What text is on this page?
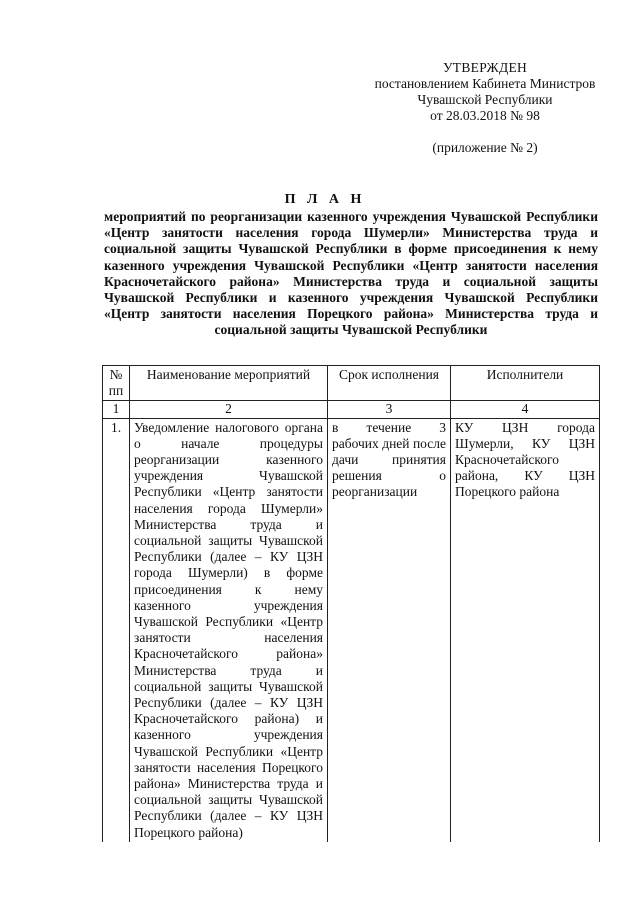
УТВЕРЖДЕН
постановлением Кабинета Министров
Чувашской Республики
от 28.03.2018 № 98
(приложение № 2)
П Л А Н
мероприятий по реорганизации казенного учреждения Чувашской Республики «Центр занятости населения города Шумерли» Министерства труда и социальной защиты Чувашской Республики в форме присоединения к нему казенного учреждения Чувашской Республики «Центр занятости населения Красночетайского района» Министерства труда и социальной защиты Чувашской Республики и казенного учреждения Чувашской Республики «Центр занятости населения Порецкого района» Министерства труда и социальной защиты Чувашской Республики
№ пп	Наименование мероприятий	Срок исполнения	Исполнители
1	2	3	4
1.	Уведомление налогового органа о начале процедуры реорганизации казенного учреждения Чувашской Республики «Центр занятости населения города Шумерли» Министерства труда и социальной защиты Чувашской Республики (далее – КУ ЦЗН города Шумерли) в форме присоединения к нему казенного учреждения Чувашской Республики «Центр занятости населения Красночетайского района» Министерства труда и социальной защиты Чувашской Республики (далее – КУ ЦЗН Красночетайского района) и казенного учреждения Чувашской Республики «Центр занятости населения Порецкого района» Министерства труда и социальной защиты Чувашской Республики (далее – КУ ЦЗН Порецкого района)	в течение 3 рабочих дней после дачи принятия решения о реорганизации	КУ ЦЗН города Шумерли, КУ ЦЗН Красночетайского района, КУ ЦЗН Порецкого района
